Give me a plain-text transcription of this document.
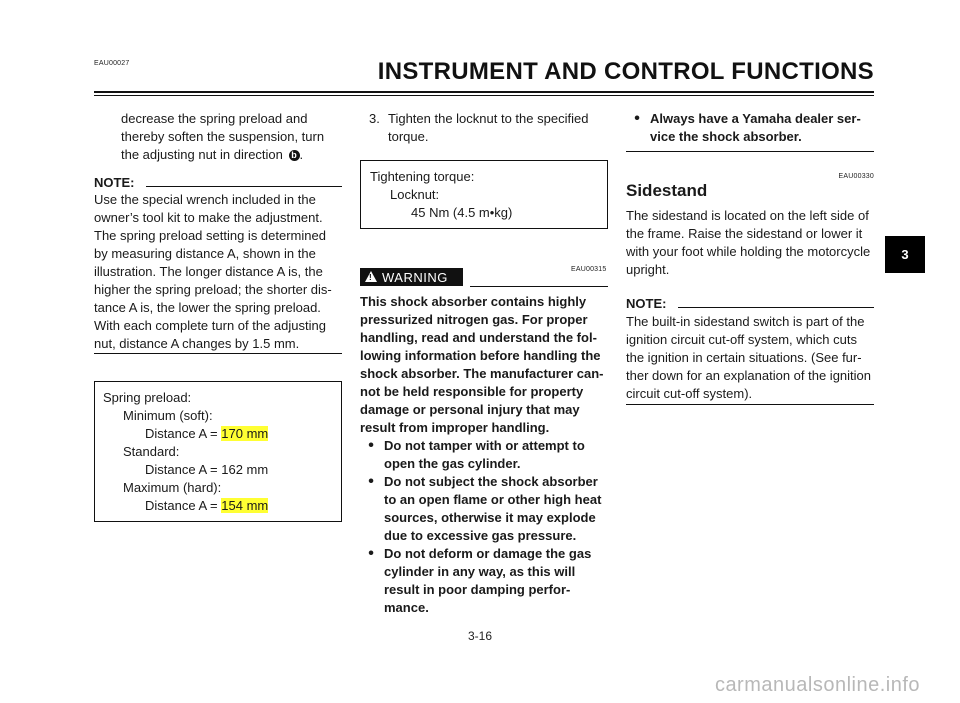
EAU00027	INSTRUMENT AND CONTROL FUNCTIONS

decrease the spring preload and

thereby soften the suspension, turn

the adjusting nut in direction b .

NOTE:

Use the special wrench included in the

owner’s tool kit to make the adjustment.

The spring preload setting is determined

by measuring distance A, shown in the

illustration. The longer distance A is, the

higher the spring preload; the shorter dis-

tance A is, the lower the spring preload.

With each complete turn of the adjusting

nut, distance A changes by 1.5 mm.

Spring preload:
Minimum (soft):
Distance A = 170 mm
Standard:
Distance A = 162 mm
Maximum (hard):
Distance A = 154 mm
3. Tighten the locknut to the specified

torque.

Tightening torque:
Locknut:
45 Nm (4.5 m•kg)
! WARNING
EAU00315

This shock absorber contains highly

pressurized nitrogen gas. For proper

handling, read and understand the fol-

lowing information before handling the

shock absorber. The manufacturer can-

not be held responsible for property

damage or personal injury that may

result from improper handling.

• Do not tamper with or attempt to

open the gas cylinder.

• Do not subject the shock absorber

to an open flame or other high heat

sources, otherwise it may explode

due to excessive gas pressure.

• Do not deform or damage the gas

cylinder in any way, as this will

result in poor damping perfor-

mance.

• Always have a Yamaha dealer ser-

vice the shock absorber.

EAU00330
Sidestand

The sidestand is located on the left side of

the frame. Raise the sidestand or lower it

with your foot while holding the motorcycle

upright.

NOTE:

The built-in sidestand switch is part of the

ignition circuit cut-off system, which cuts

the ignition in certain situations. (See fur-

ther down for an explanation of the ignition

circuit cut-off system).

3
3-16
carmanualsonline.info
